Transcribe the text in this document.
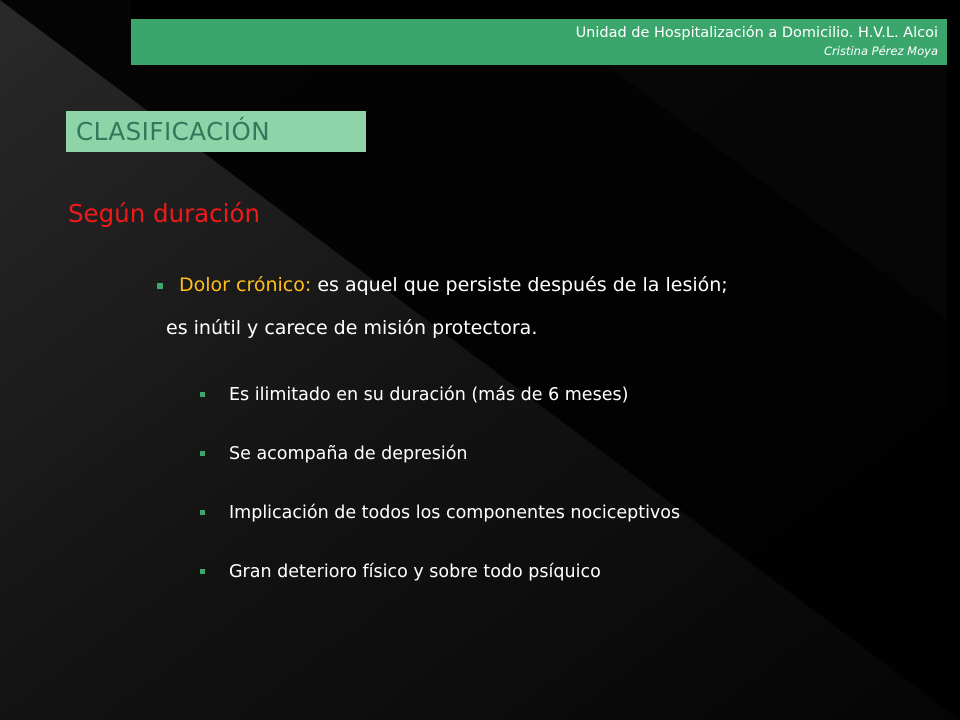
Unidad de Hospitalización a Domicilio. H.V.L. Alcoi
Cristina Pérez Moya
CLASIFICACIÓN
Según duración
Dolor crónico: es aquel que persiste después de la lesión;
es inútil y carece de misión protectora.
Es ilimitado en su duración (más de 6 meses)
Se acompaña de depresión
Implicación de todos los componentes nociceptivos
Gran deterioro físico y sobre todo psíquico
